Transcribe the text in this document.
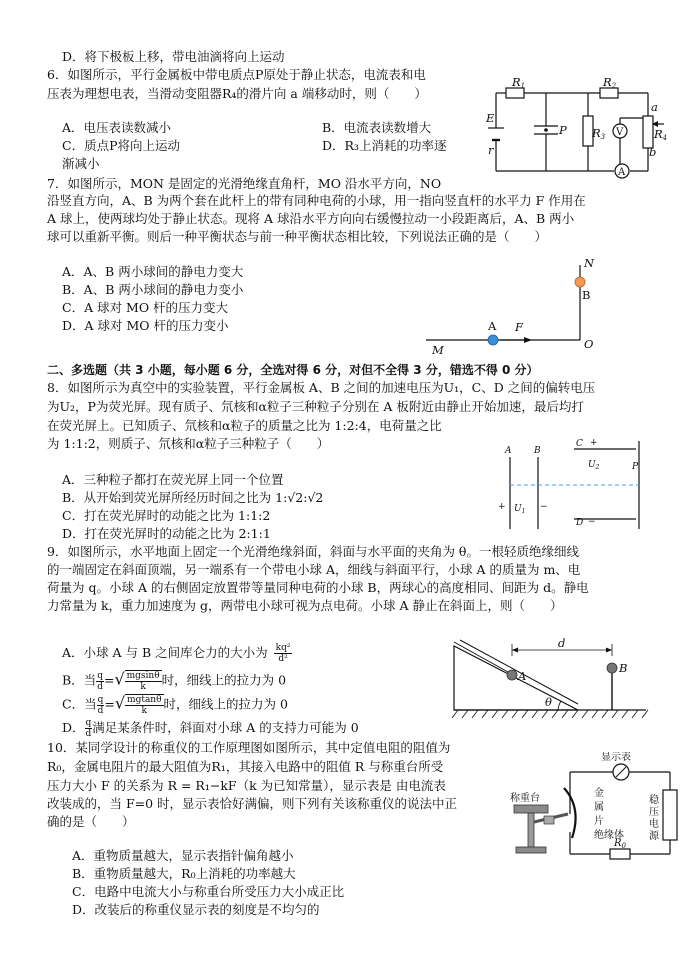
D．将下极板上移，带电油滴将向上运动
6．如图所示，平行金属板中带电质点P原处于静止状态，电流表和电
压表为理想电表，当滑动变阻器R₄的滑片向 a 端移动时，则（　　）
A．电压表读数减小	B．电流表读数增大
C．质点P将向上运动	D．R₃上消耗的功率逐
渐减小
R1	R2
R3	R4
E
r
P
a
b
V
A
7．如图所示，MON 是固定的光滑绝缘直角杆，MO 沿水平方向，NO
沿竖直方向，A、B 为两个套在此杆上的带有同种电荷的小球，用一指向竖直杆的水平力 F 作用在
A 球上，使两球均处于静止状态。现将 A 球沿水平方向向右缓慢拉动一小段距离后，A、B 两小
球可以重新平衡。则后一种平衡状态与前一种平衡状态相比较，下列说法正确的是（　　）
A．A、B 两小球间的静电力变大
B．A、B 两小球间的静电力变小
C．A 球对 MO 杆的压力变大
D．A 球对 MO 杆的压力变小
N
B
A F
O
M
二、多选题（共 3 小题，每小题 6 分，全选对得 6 分，对但不全得 3 分，错选不得 0 分）
8．如图所示为真空中的实验装置，平行金属板 A、B 之间的加速电压为U₁，C、D 之间的偏转电压
为U₂，P为荧光屏。现有质子、氘核和α粒子三种粒子分别在 A 板附近由静止开始加速，最后均打
在荧光屏上。已知质子、氘核和α粒子的质量之比为 1:2:4，电荷量之比
为 1:1:2，则质子、氘核和α粒子三种粒子（　　）
A．三种粒子都打在荧光屏上同一个位置
B．从开始到荧光屏所经历时间之比为 1:√2:√2
C．打在荧光屏时的动能之比为 1:1:2
D．打在荧光屏时的动能之比为 2:1:1
A	B
C +
D −
P
+	−
$U_1$
$U_2$
9．如图所示，水平地面上固定一个光滑绝缘斜面，斜面与水平面的夹角为 θ。一根轻质绝缘细线
的一端固定在斜面顶端，另一端系有一个带电小球 A，细线与斜面平行，小球 A 的质量为 m、电
荷量为 q。小球 A 的右侧固定放置带等量同种电荷的小球 B，两球心的高度相同、间距为 d。静电
力常量为 k，重力加速度为 g，两带电小球可视为点电荷。小球 A 静止在斜面上，则（　　）
A．小球 A 与 B 之间库仑力的大小为 $\frac{\text{kq²}}{\text{d²}}$
B．当 $\frac{q}{d}$ =√ $\frac{mgsin\theta}{k}$ 时，细线上的拉力为 0
C．当 $\frac{q}{d}$ =√ $\frac{mgtan\theta}{k}$ 时，细线上的拉力为 0
D． $\frac{q}{d}$ 满足某条件时，斜面对小球 A 的支持力可能为 0
d
A
B
θ
10．某同学设计的称重仪的工作原理图如图所示，其中定值电阻的阻值为
R₀，金属电阻片的最大阻值为R₁，其接入电路中的阻值 R 与称重台所受
压力大小 F 的关系为 R = R₁−kF（k 为已知常量），显示表是 由电流表
改装成的，当 F=0 时，显示表恰好满偏，则下列有关该称重仪的说法中正
确的是（　　）
A．重物质量越大，显示表指针偏角越小
B．重物质量越大，R₀上消耗的功率越大
C．电路中电流大小与称重台所受压力大小成正比
D．改装后的称重仪显示表的刻度是不均匀的
显示表
称重台	金
属
片
绝缘体
稳
压
电
源
$R_0$
